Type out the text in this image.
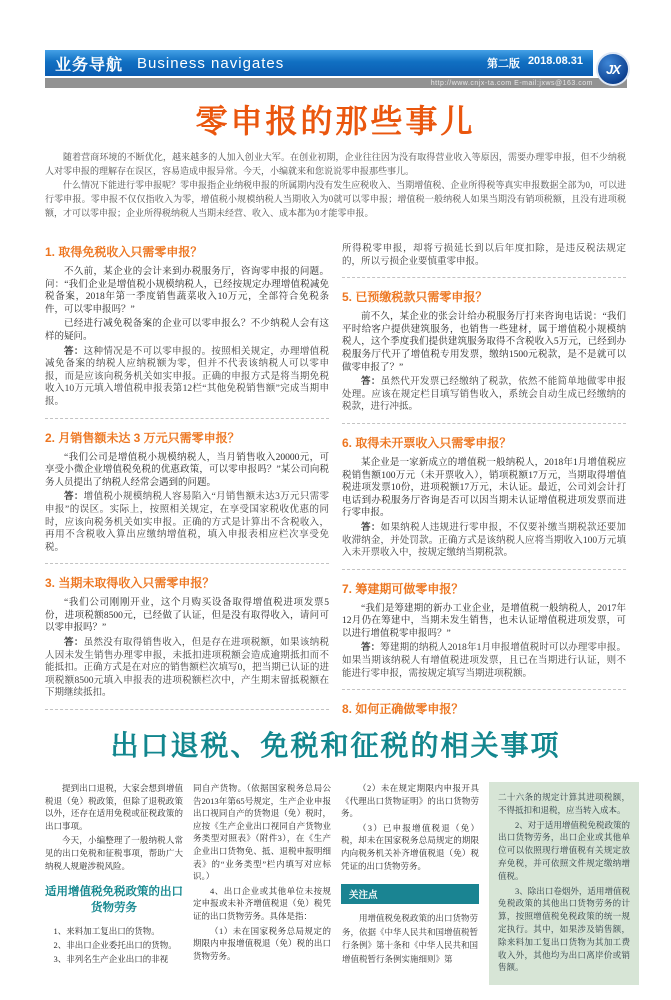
业务导航 Business navigates	第二版 2018.08.31
http://www.cnjx-ta.com E-mail:jxws@163.com
JX
零申报的那些事儿

随着营商环境的不断优化，越来越多的人加入创业大军。在创业初期，企业往往因为没有取得营业收入等原因，需要办理零申报，但不少纳税人对零申报的理解存在误区，容易造成申报异常。今天，小编就来和您说说零申报那些事儿。

什么情况下能进行零申报呢？零申报指企业纳税申报的所属期内没有发生应税收入、当期增值税、企业所得税等真实申报数据全部为0，可以进行零申报。零申报不仅仅指收入为零，增值税小规模纳税人当期收入为0就可以零申报；增值税一般纳税人如果当期没有销项税额，且没有进项税额，才可以零申报；企业所得税纳税人当期未经营、收入、成本都为0才能零申报。

1. 取得免税收入只需零申报？

不久前，某企业的会计来到办税服务厅，咨询零申报的问题。问：“我们企业是增值税小规模纳税人，已经按规定办理增值税减免税备案，2018年第一季度销售蔬菜收入10万元，全部符合免税条件，可以零申报吗？”

已经进行减免税备案的企业可以零申报么？不少纳税人会有这样的疑问。

答：这种情况是不可以零申报的。按照相关规定，办理增值税减免备案的纳税人应纳税额为零，但并不代表该纳税人可以零申报，而是应该向税务机关如实申报。正确的申报方式是将当期免税收入10万元填入增值税申报表第12栏“其他免税销售额”完成当期申报。

2. 月销售额未达 3 万元只需零申报？

“我们公司是增值税小规模纳税人，当月销售收入20000元，可享受小微企业增值税免税的优惠政策，可以零申报吗？”某公司向税务人员提出了纳税人经常会遇到的问题。

答：增值税小规模纳税人容易陷入“月销售额未达3万元只需零申报”的误区。实际上，按照相关规定，在享受国家税收优惠的同时，应该向税务机关如实申报。正确的方式是计算出不含税收入，再用不含税收入算出应缴纳增值税，填入申报表相应栏次享受免税。

3. 当期未取得收入只需零申报？

“我们公司刚刚开业，这个月购买设备取得增值税进项发票5份，进项税额8500元，已经做了认证，但是没有取得收入，请问可以零申报吗？”

答：虽然没有取得销售收入，但是存在进项税额，如果该纳税人因未发生销售办理零申报，未抵扣进项税额会造成逾期抵扣而不能抵扣。正确方式是在对应的销售额栏次填写0，把当期已认证的进项税额8500元填入申报表的进项税额栏次中，产生期末留抵税额在下期继续抵扣。

所得税零申报，却将亏损延长到以后年度扣除，是违反税法规定的，所以亏损企业要慎重零申报。

5. 已预缴税款只需零申报？

前不久，某企业的张会计给办税服务厅打来咨询电话说：“我们平时给客户提供建筑服务，也销售一些建材，属于增值税小规模纳税人，这个季度我们提供建筑服务取得不含税收入5万元，已经到办税服务厅代开了增值税专用发票，缴纳1500元税款，是不是就可以做零申报了？”

答：虽然代开发票已经缴纳了税款，依然不能简单地做零申报处理。应该在规定栏目填写销售收入，系统会自动生成已经缴纳的税款，进行冲抵。

6. 取得未开票收入只需零申报？

某企业是一家新成立的增值税一般纳税人，2018年1月增值税应税销售额100万元（未开票收入），销项税额17万元，当期取得增值税进项发票10份，进项税额17万元，未认证。最近，公司刘会计打电话到办税服务厅咨询是否可以因当期未认证增值税进项发票而进行零申报。

答：如果纳税人违规进行零申报，不仅要补缴当期税款还要加收滞纳金，并处罚款。正确方式是该纳税人应将当期收入100万元填入未开票收入中，按规定缴纳当期税款。

7. 筹建期可做零申报？

“我们是筹建期的新办工业企业，是增值税一般纳税人，2017年12月仍在筹建中，当期未发生销售，也未认证增值税进项发票，可以进行增值税零申报吗？”

答：筹建期的纳税人2018年1月申报增值税时可以办理零申报。如果当期该纳税人有增值税进项发票，且已在当期进行认证，则不能进行零申报，需按规定填写当期进项税额。

8. 如何正确做零申报？

出口退税、免税和征税的相关事项

提到出口退税，大家会想到增值税退（免）税政策，但除了退税政策以外，还存在适用免税或征税政策的出口事项。

今天，小编整理了一般纳税人常见的出口免税和征税事项，帮助广大纳税人规避涉税风险。

适用增值税免税政策的出口货物劳务

1、来料加工复出口的货物。

2、非出口企业委托出口的货物。

3、非列名生产企业出口的非视

同自产货物。（依据国家税务总局公告2013年第65号规定，生产企业申报出口视同自产的货物退（免）税时，应按《生产企业出口视同自产货物业务类型对照表》（附件3），在《生产企业出口货物免、抵、退税申报明细表》的“业务类型”栏内填写对应标识。）

4、出口企业或其他单位未按规定申报或未补齐增值税退（免）税凭证的出口货物劳务。具体是指：

（1）未在国家税务总局规定的期限内申报增值税退（免）税的出口货物劳务。

（2）未在规定期限内申报开具《代理出口货物证明》的出口货物劳务。

（3）已申报增值税退（免）税，却未在国家税务总局规定的期限内向税务机关补齐增值税退（免）税凭证的出口货物劳务。

关注点

用增值税免税政策的出口货物劳务，依据《中华人民共和国增值税暂行条例》第十条和《中华人民共和国增值税暂行条例实施细则》第

二十六条的规定计算其进项税额，不得抵扣和退税，应当转入成本。

2、对于适用增值税免税政策的出口货物劳务，出口企业或其他单位可以依照现行增值税有关规定放弃免税，并可依照文件规定缴纳增值税。

3、除出口卷烟外，适用增值税免税政策的其他出口货物劳务的计算，按照增值税免税政策的统一规定执行。其中，如果涉及销售额，除来料加工复出口货物为其加工费收入外，其他均为出口离岸价或销售额。
